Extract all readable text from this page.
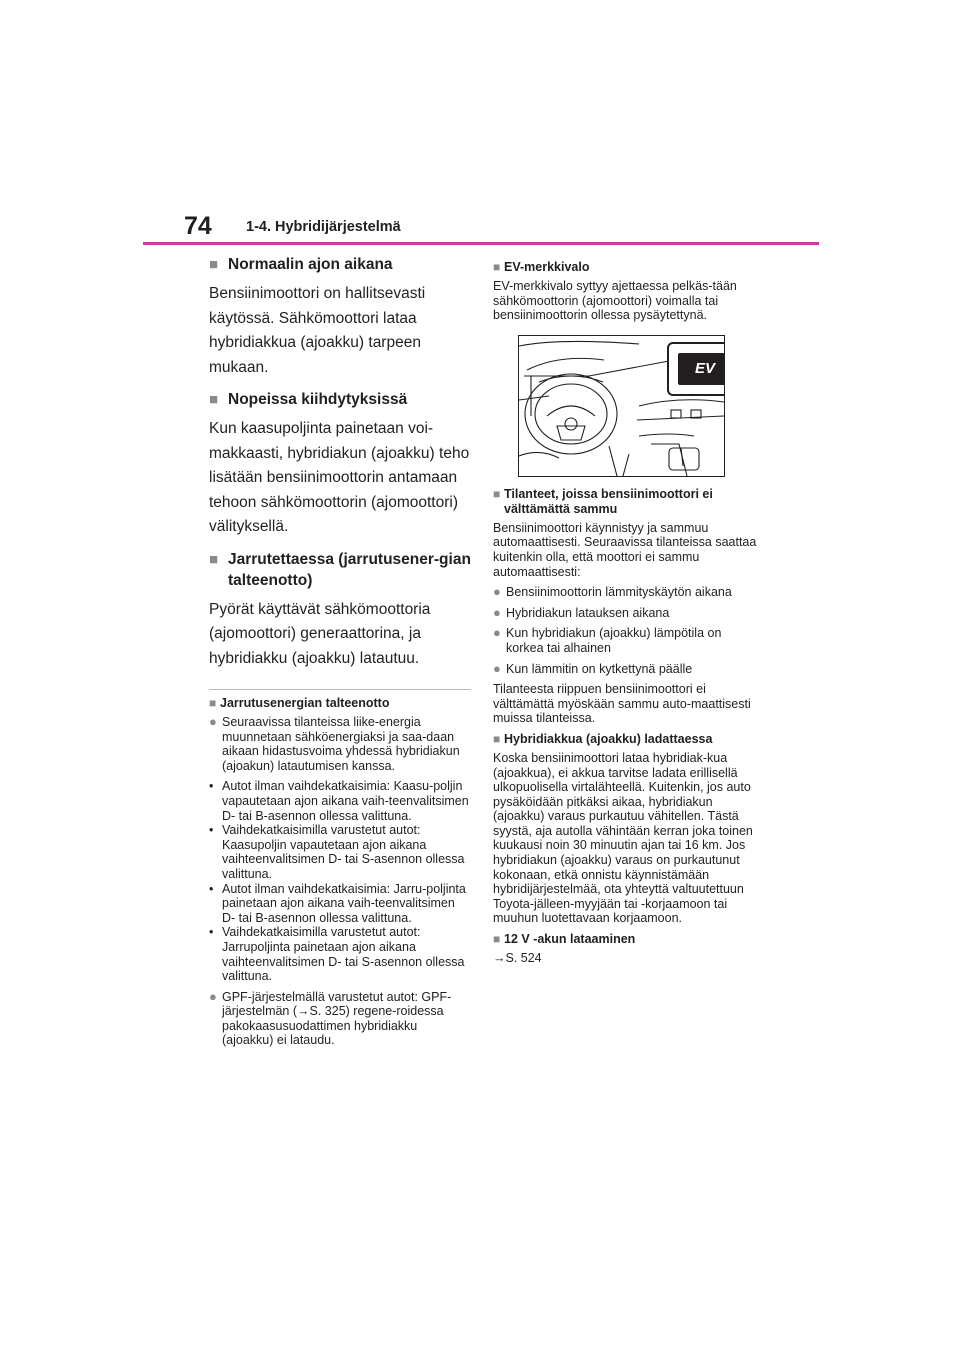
74 1-4. Hybridijärjestelmä
■ Normaalin ajon aikana

Bensiinimoottori on hallitsevasti käytössä. Sähkömoottori lataa hybridiakkua (ajoakku) tarpeen mukaan.

■ Nopeissa kiihdytyksissä

Kun kaasupoljinta painetaan voi-makkaasti, hybridiakun (ajoakku) teho lisätään bensiinimoottorin antamaan tehoon sähkömoottorin (ajomoottori) välityksellä.

■ Jarrutettaessa (jarrutusener-gian talteenotto)

Pyörät käyttävät sähkömoottoria (ajomoottori) generaattorina, ja hybridiakku (ajoakku) latautuu.

■ Jarrutusenergian talteenotto
● Seuraavissa tilanteissa liike-energia muunnetaan sähköenergiaksi ja saa-daan aikaan hidastusvoima yhdessä hybridiakun (ajoakun) latautumisen kanssa.
• Autot ilman vaihdekatkaisimia: Kaasu-poljin vapautetaan ajon aikana vaih-teenvalitsimen D- tai B-asennon ollessa valittuna.
• Vaihdekatkaisimilla varustetut autot: Kaasupoljin vapautetaan ajon aikana vaihteenvalitsimen D- tai S-asennon ollessa valittuna.
• Autot ilman vaihdekatkaisimia: Jarru-poljinta painetaan ajon aikana vaih-teenvalitsimen D- tai B-asennon ollessa valittuna.
• Vaihdekatkaisimilla varustetut autot: Jarrupoljinta painetaan ajon aikana vaihteenvalitsimen D- tai S-asennon ollessa valittuna.
● GPF-järjestelmällä varustetut autot: GPF-järjestelmän (→S. 325) regene-roidessa pakokaasusuodattimen hybridiakku (ajoakku) ei lataudu.
■ EV-merkkivalo

EV-merkkivalo syttyy ajettaessa pelkäs-tään sähkömoottorin (ajomoottori) voimalla tai bensiinimoottorin ollessa pysäytettynä.

EV
■ Tilanteet, joissa bensiinimoottori ei välttämättä sammu

Bensiinimoottori käynnistyy ja sammuu automaattisesti. Seuraavissa tilanteissa saattaa kuitenkin olla, että moottori ei sammu automaattisesti:

● Bensiinimoottorin lämmityskäytön aikana
● Hybridiakun latauksen aikana
● Kun hybridiakun (ajoakku) lämpötila on korkea tai alhainen
● Kun lämmitin on kytkettynä päälle

Tilanteesta riippuen bensiinimoottori ei välttämättä myöskään sammu auto-maattisesti muissa tilanteissa.

■ Hybridiakkua (ajoakku) ladattaessa

Koska bensiinimoottori lataa hybridiak-kua (ajoakkua), ei akkua tarvitse ladata erillisellä ulkopuolisella virtalähteellä. Kuitenkin, jos auto pysäköidään pitkäksi aikaa, hybridiakun (ajoakku) varaus purkautuu vähitellen. Tästä syystä, aja autolla vähintään kerran joka toinen kuukausi noin 30 minuutin ajan tai 16 km. Jos hybridiakun (ajoakku) varaus on purkautunut kokonaan, etkä onnistu käynnistämään hybridijärjestelmää, ota yhteyttä valtuutettuun Toyota-jälleen-myyjään tai -korjaamoon tai muuhun luotettavaan korjaamoon.

■ 12 V -akun lataaminen

→S. 524
